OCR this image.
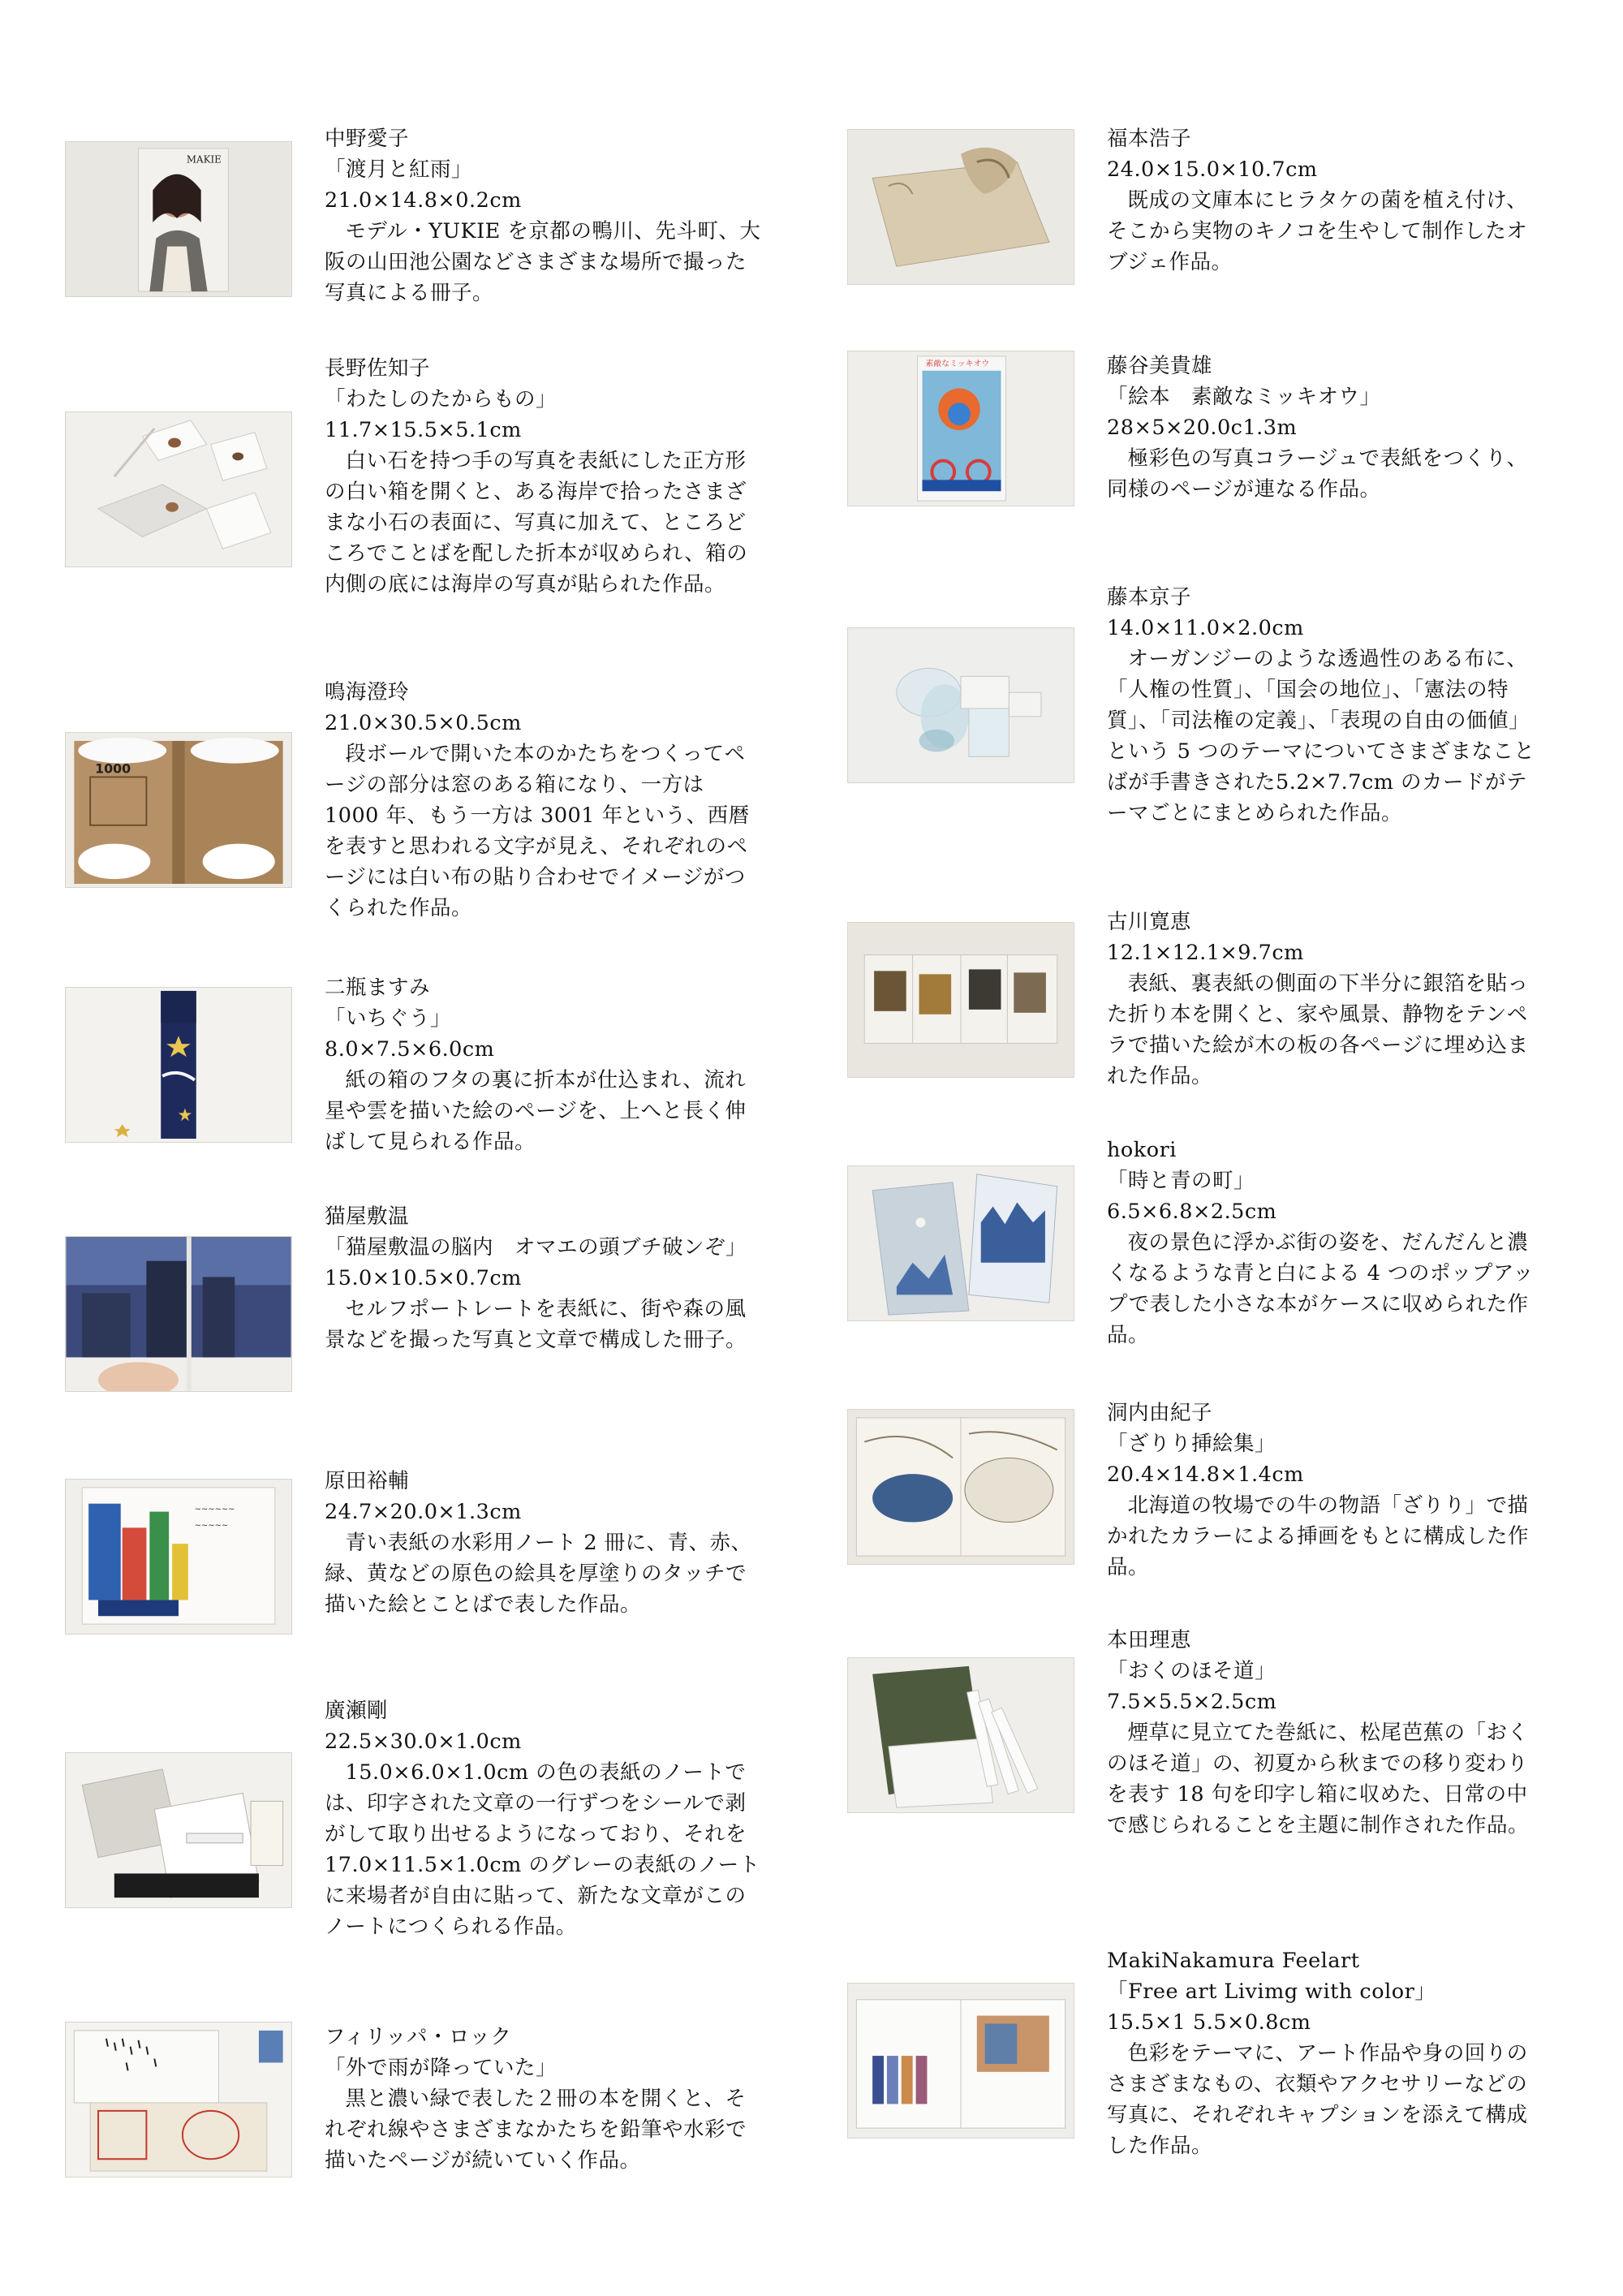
MAKIE
中野愛子
「渡月と紅雨」
21.0×14.8×0.2cm
モデル・YUKIE を京都の鴨川、先斗町、大阪の山田池公園などさまざまな場所で撮った写真による冊子。
長野佐知子
「わたしのたからもの」
11.7×15.5×5.1cm
白い石を持つ手の写真を表紙にした正方形の白い箱を開くと、ある海岸で拾ったさまざまな小石の表面に、写真に加えて、ところどころでことばを配した折本が収められ、箱の内側の底には海岸の写真が貼られた作品。
1000
鳴海澄玲
21.0×30.5×0.5cm
段ボールで開いた本のかたちをつくってページの部分は窓のある箱になり、一方は 1000 年、もう一方は 3001 年という、西暦を表すと思われる文字が見え、それぞれのページには白い布の貼り合わせでイメージがつくられた作品。
二瓶ますみ
「いちぐう」
8.0×7.5×6.0cm
紙の箱のフタの裏に折本が仕込まれ、流れ星や雲を描いた絵のページを、上へと長く伸ばして見られる作品。
猫屋敷温
「猫屋敷温の脳内　オマエの頭ブチ破ンぞ」
15.0×10.5×0.7cm
セルフポートレートを表紙に、街や森の風景などを撮った写真と文章で構成した冊子。
~~~~~~
~~~~~
原田裕輔
24.7×20.0×1.3cm
青い表紙の水彩用ノート 2 冊に、青、赤、緑、黄などの原色の絵具を厚塗りのタッチで描いた絵とことばで表した作品。
廣瀬剛
22.5×30.0×1.0cm
15.0×6.0×1.0cm の色の表紙のノートでは、印字された文章の一行ずつをシールで剥がして取り出せるようになっており、それを 17.0×11.5×1.0cm のグレーの表紙のノートに来場者が自由に貼って、新たな文章がこのノートにつくられる作品。
フィリッパ・ロック
「外で雨が降っていた」
黒と濃い緑で表した２冊の本を開くと、それぞれ線やさまざまなかたちを鉛筆や水彩で描いたページが続いていく作品。
福本浩子
24.0×15.0×10.7cm
既成の文庫本にヒラタケの菌を植え付け、そこから実物のキノコを生やして制作したオブジェ作品。
素敵なミッキオウ	藤谷美貴雄
「絵本　素敵なミッキオウ」
28×5×20.0c1.3m
極彩色の写真コラージュで表紙をつくり、同様のページが連なる作品。
藤本京子
14.0×11.0×2.0cm
オーガンジーのような透過性のある布に、「人権の性質」、「国会の地位」、「憲法の特質」、「司法権の定義」、「表現の自由の価値」という 5 つのテーマについてさまざまなことばが手書きされた5.2×7.7cm のカードがテーマごとにまとめられた作品。
古川寛恵
12.1×12.1×9.7cm
表紙、裏表紙の側面の下半分に銀箔を貼った折り本を開くと、家や風景、静物をテンペラで描いた絵が木の板の各ページに埋め込まれた作品。
hokori
「時と青の町」
6.5×6.8×2.5cm
夜の景色に浮かぶ街の姿を、だんだんと濃くなるような青と白による 4 つのポップアップで表した小さな本がケースに収められた作品。
洞内由紀子
「ざりり挿絵集」
20.4×14.8×1.4cm
北海道の牧場での牛の物語「ざりり」で描かれたカラーによる挿画をもとに構成した作品。
本田理恵
「おくのほそ道」
7.5×5.5×2.5cm
煙草に見立てた巻紙に、松尾芭蕉の「おくのほそ道」の、初夏から秋までの移り変わりを表す 18 句を印字し箱に収めた、日常の中で感じられることを主題に制作された作品。
MakiNakamura Feelart
「Free art Livimg with color」
15.5×1 5.5×0.8cm
色彩をテーマに、アート作品や身の回りのさまざまなもの、衣類やアクセサリーなどの写真に、それぞれキャプションを添えて構成した作品。
